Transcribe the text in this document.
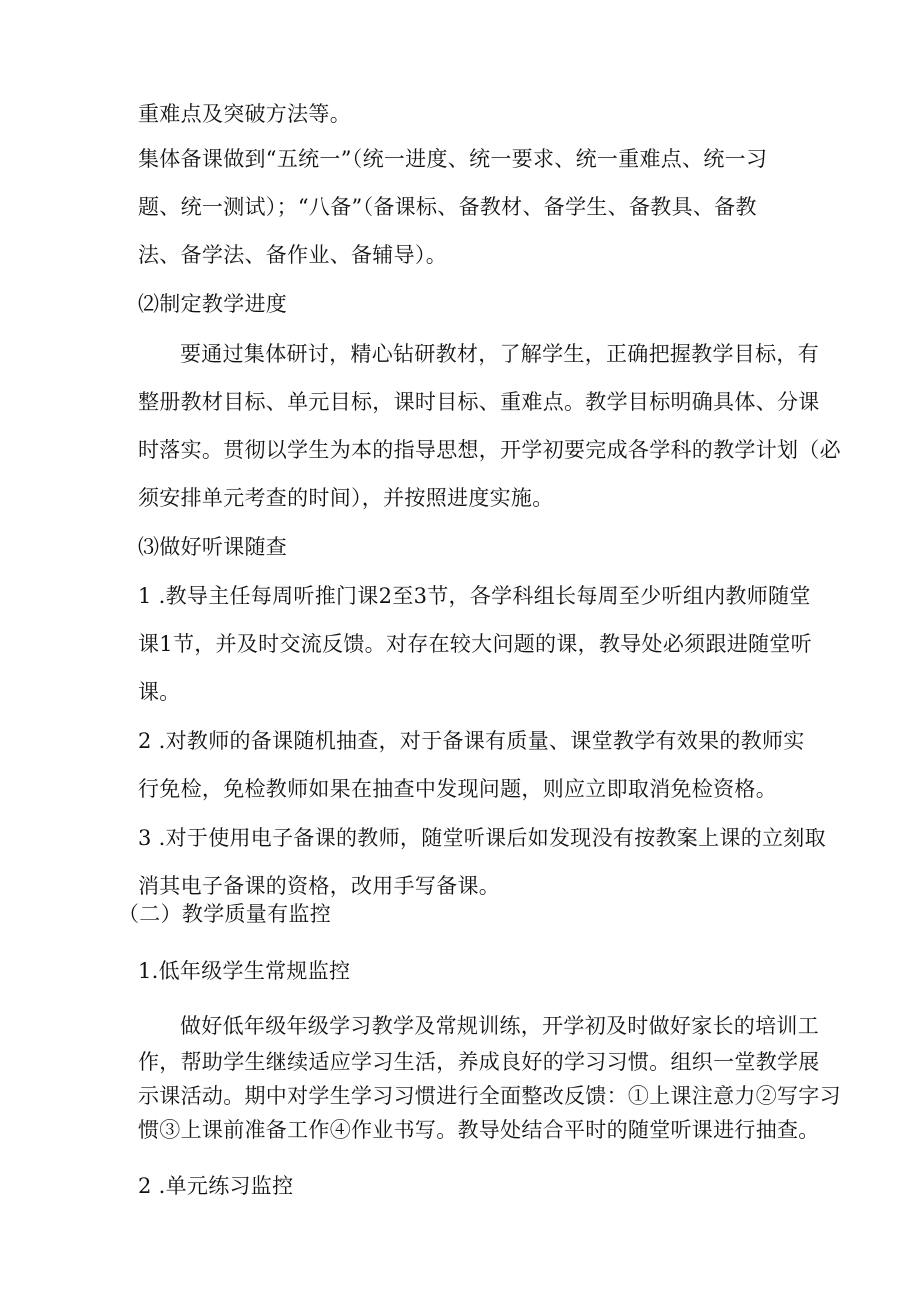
重难点及突破方法等。
集体备课做到“五统一”（统一进度、统一要求、统一重难点、统一习
题、统一测试）；“八备”（备课标、备教材、备学生、备教具、备教
法、备学法、备作业、备辅导）。
⑵制定教学进度
要通过集体研讨，精心钻研教材，了解学生，正确把握教学目标，有
整册教材目标、单元目标，课时目标、重难点。教学目标明确具体、分课
时落实。贯彻以学生为本的指导思想，开学初要完成各学科的教学计划（必
须安排单元考查的时间），并按照进度实施。
⑶做好听课随查
1 .教导主任每周听推门课2至3节，各学科组长每周至少听组内教师随堂
课1节，并及时交流反馈。对存在较大问题的课，教导处必须跟进随堂听
课。
2 .对教师的备课随机抽查，对于备课有质量、课堂教学有效果的教师实
行免检，免检教师如果在抽查中发现问题，则应立即取消免检资格。
3 .对于使用电子备课的教师，随堂听课后如发现没有按教案上课的立刻取
消其电子备课的资格，改用手写备课。
（二）教学质量有监控
1.低年级学生常规监控
做好低年级年级学习教学及常规训练，开学初及时做好家长的培训工
作，帮助学生继续适应学习生活，养成良好的学习习惯。组织一堂教学展
示课活动。期中对学生学习习惯进行全面整改反馈：①上课注意力②写字习
惯③上课前准备工作④作业书写。教导处结合平时的随堂听课进行抽查。
2 .单元练习监控
